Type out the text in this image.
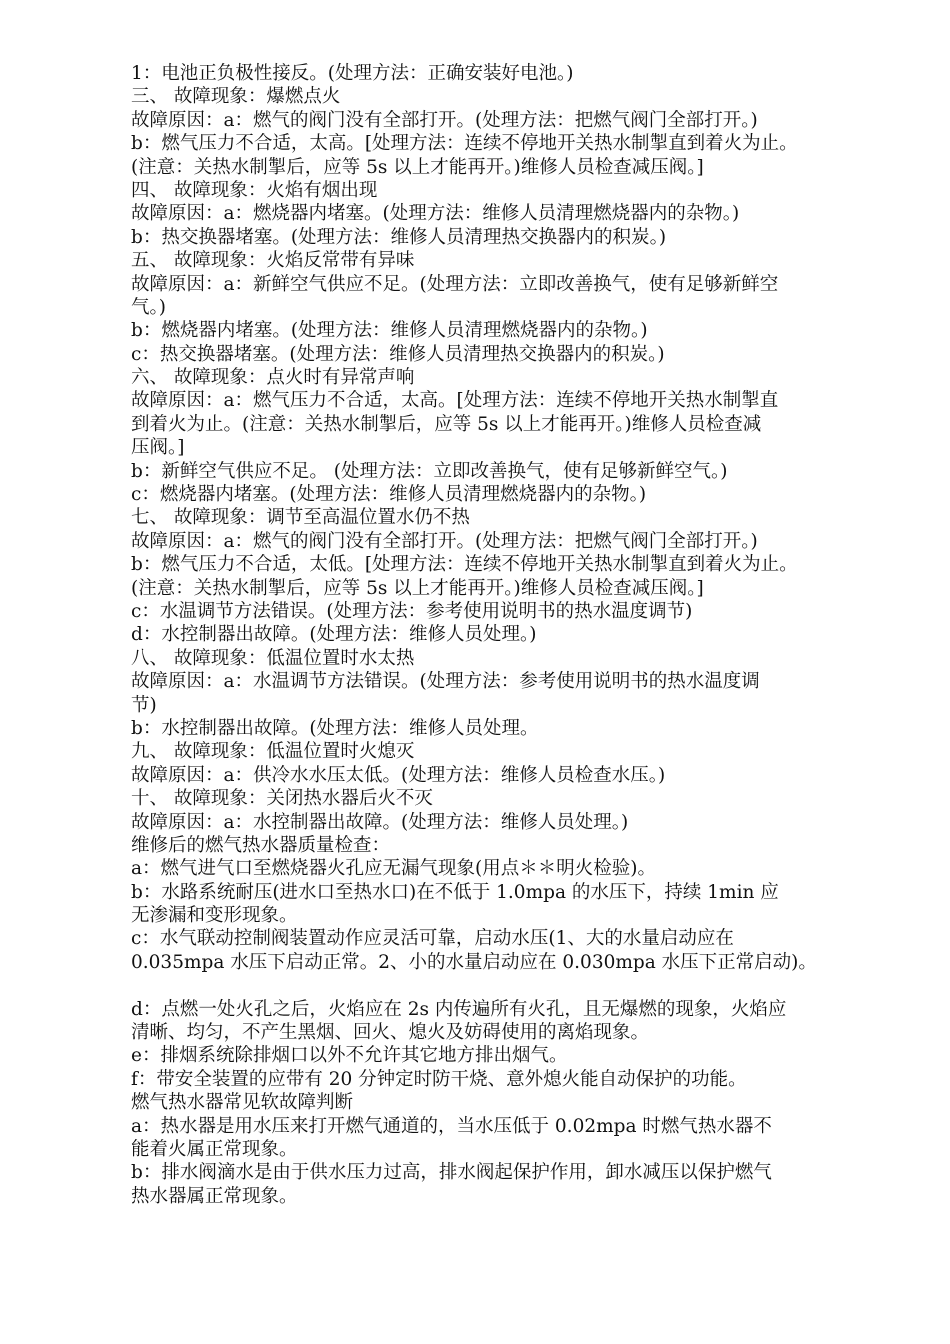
1：电池正负极性接反。(处理方法：正确安装好电池。)
三、 故障现象：爆燃点火
故障原因：a：燃气的阀门没有全部打开。(处理方法：把燃气阀门全部打开。)
b：燃气压力不合适，太高。[处理方法：连续不停地开关热水制掣直到着火为止。
(注意：关热水制掣后，应等 5s 以上才能再开。)维修人员检查减压阀。]
四、 故障现象：火焰有烟出现
故障原因：a：燃烧器内堵塞。(处理方法：维修人员清理燃烧器内的杂物。)
b：热交换器堵塞。(处理方法：维修人员清理热交换器内的积炭。)
五、 故障现象：火焰反常带有异味
故障原因：a：新鲜空气供应不足。(处理方法：立即改善换气，使有足够新鲜空
气。)
b：燃烧器内堵塞。(处理方法：维修人员清理燃烧器内的杂物。)
c：热交换器堵塞。(处理方法：维修人员清理热交换器内的积炭。)
六、 故障现象：点火时有异常声响
故障原因：a：燃气压力不合适，太高。[处理方法：连续不停地开关热水制掣直
到着火为止。(注意：关热水制掣后，应等 5s 以上才能再开。)维修人员检查减
压阀。]
b：新鲜空气供应不足。 (处理方法：立即改善换气，使有足够新鲜空气。)
c：燃烧器内堵塞。(处理方法：维修人员清理燃烧器内的杂物。)
七、 故障现象：调节至高温位置水仍不热
故障原因：a：燃气的阀门没有全部打开。(处理方法：把燃气阀门全部打开。)
b：燃气压力不合适，太低。[处理方法：连续不停地开关热水制掣直到着火为止。
(注意：关热水制掣后，应等 5s 以上才能再开。)维修人员检查减压阀。]
c：水温调节方法错误。(处理方法：参考使用说明书的热水温度调节)
d：水控制器出故障。(处理方法：维修人员处理。)
八、 故障现象：低温位置时水太热
故障原因：a：水温调节方法错误。(处理方法：参考使用说明书的热水温度调
节)
b：水控制器出故障。(处理方法：维修人员处理。
九、 故障现象：低温位置时火熄灭
故障原因：a：供冷水水压太低。(处理方法：维修人员检查水压。)
十、 故障现象：关闭热水器后火不灭
故障原因：a：水控制器出故障。(处理方法：维修人员处理。)
维修后的燃气热水器质量检查：
a：燃气进气口至燃烧器火孔应无漏气现象(用点＊＊明火检验)。
b：水路系统耐压(进水口至热水口)在不低于 1.0mpa 的水压下，持续 1min 应
无渗漏和变形现象。
c：水气联动控制阀装置动作应灵活可靠，启动水压(1、大的水量启动应在
0.035mpa 水压下启动正常。2、小的水量启动应在 0.030mpa 水压下正常启动)。
d：点燃一处火孔之后，火焰应在 2s 内传遍所有火孔，且无爆燃的现象，火焰应
清晰、均匀，不产生黑烟、回火、熄火及妨碍使用的离焰现象。
e：排烟系统除排烟口以外不允许其它地方排出烟气。
f：带安全装置的应带有 20 分钟定时防干烧、意外熄火能自动保护的功能。
燃气热水器常见软故障判断
a：热水器是用水压来打开燃气通道的，当水压低于 0.02mpa 时燃气热水器不
能着火属正常现象。
b：排水阀滴水是由于供水压力过高，排水阀起保护作用，卸水减压以保护燃气
热水器属正常现象。
